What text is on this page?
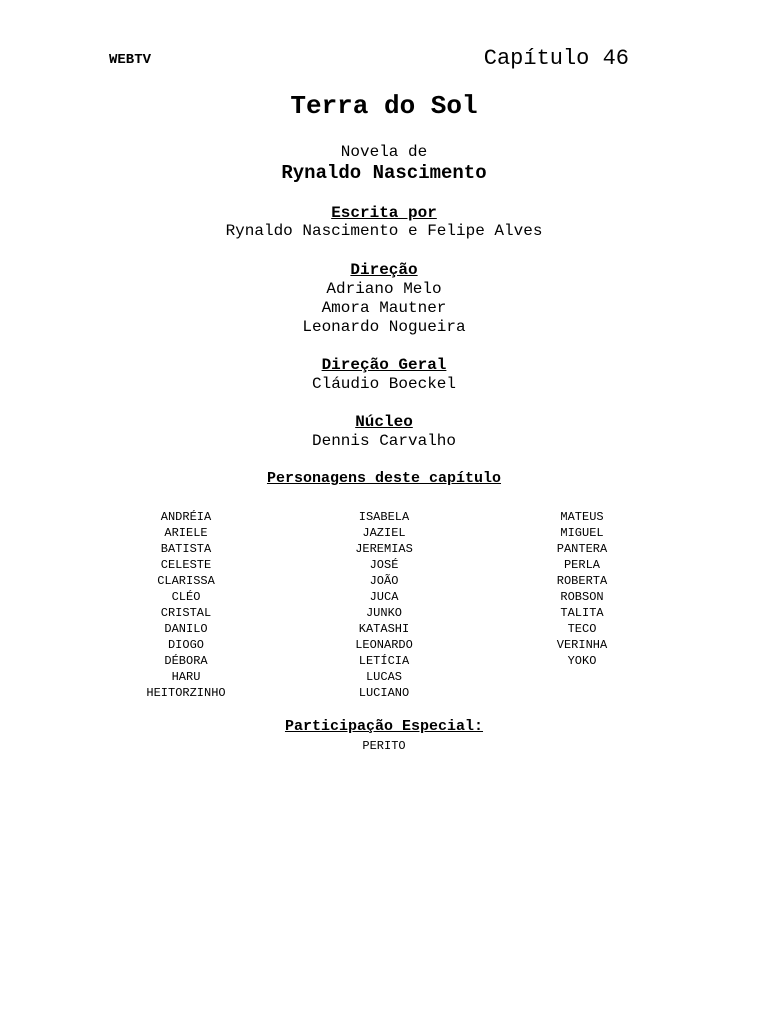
WEBTV	Capítulo 46
Terra do Sol
Novela de
Rynaldo Nascimento
Escrita por
Rynaldo Nascimento e Felipe Alves
Direção
Adriano Melo
Amora Mautner
Leonardo Nogueira
Direção Geral
Cláudio Boeckel
Núcleo
Dennis Carvalho
Personagens deste capítulo
ANDRÉIA
ARIELE
BATISTA
CELESTE
CLARISSA
CLÉO
CRISTAL
DANILO
DIOGO
DÉBORA
HARU
HEITORZINHO
ISABELA
JAZIEL
JEREMIAS
JOSÉ
JOÃO
JUCA
JUNKO
KATASHI
LEONARDO
LETÍCIA
LUCAS
LUCIANO
MATEUS
MIGUEL
PANTERA
PERLA
ROBERTA
ROBSON
TALITA
TECO
VERINHA
YOKO
Participação Especial:
PERITO
